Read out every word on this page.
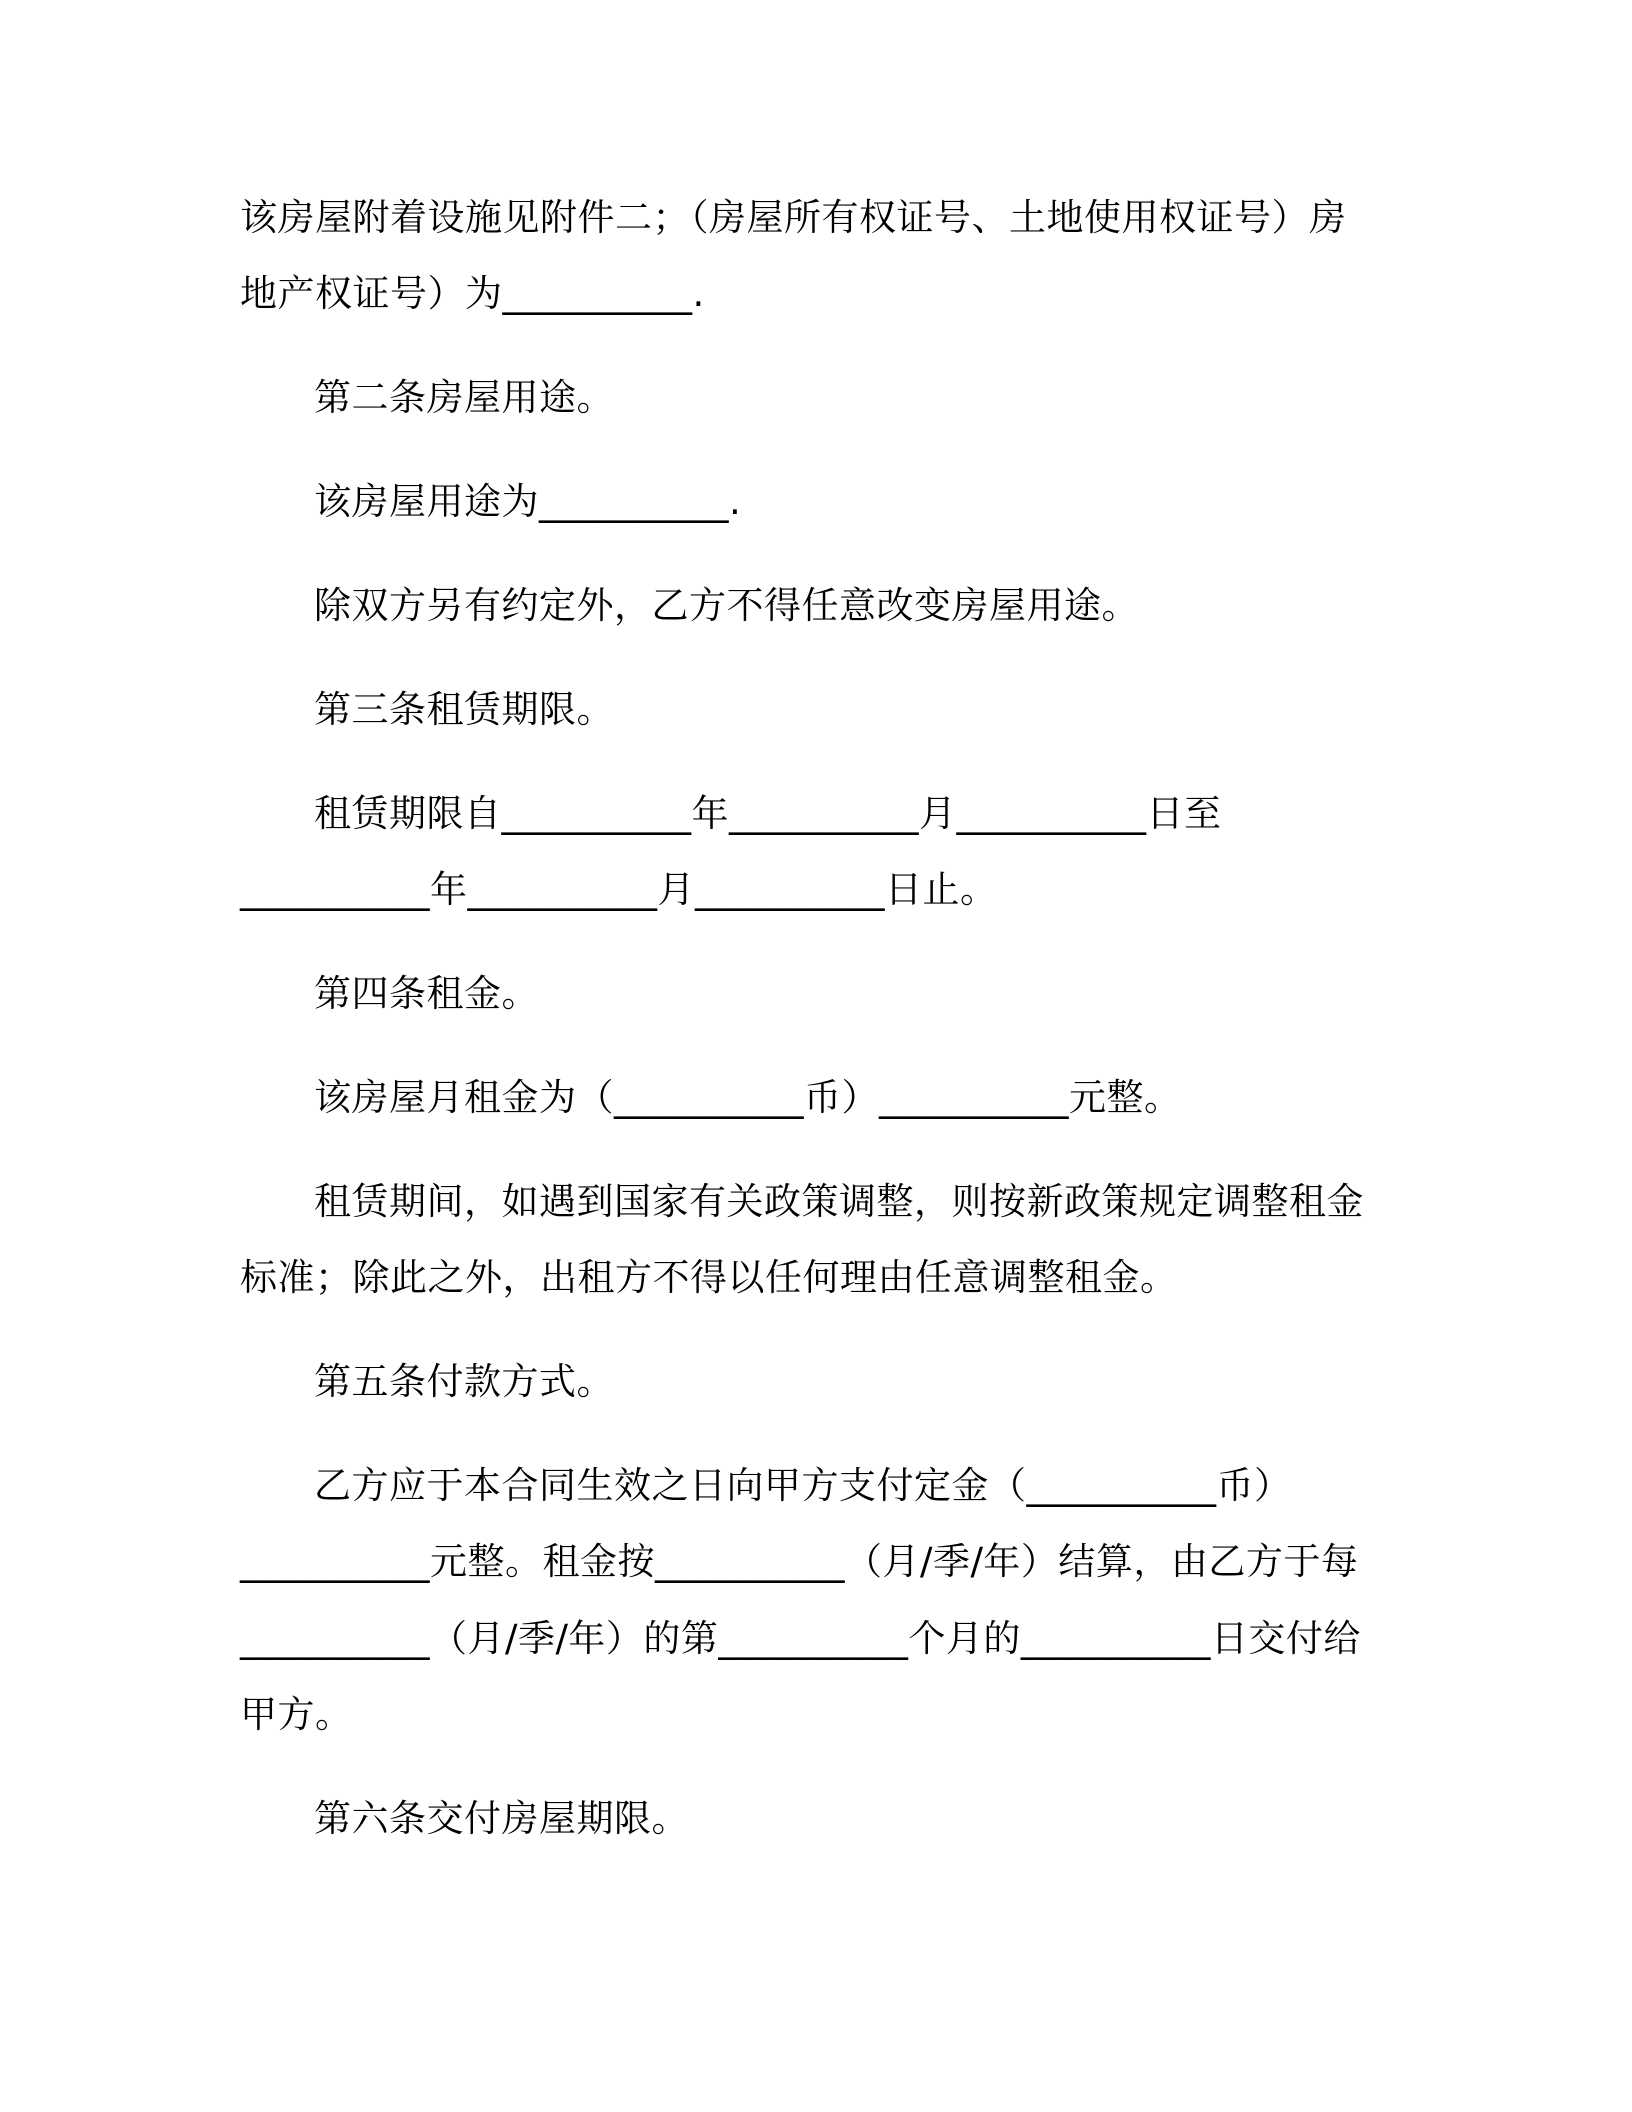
该房屋附着设施见附件二；（房屋所有权证号、土地使用权证号）房
地产权证号）为__________.
第二条房屋用途。
该房屋用途为__________.
除双方另有约定外，乙方不得任意改变房屋用途。
第三条租赁期限。
租赁期限自__________年__________月__________日至
__________年__________月__________日止。
第四条租金。
该房屋月租金为（__________币）__________元整。
租赁期间，如遇到国家有关政策调整，则按新政策规定调整租金
标准；除此之外，出租方不得以任何理由任意调整租金。
第五条付款方式。
乙方应于本合同生效之日向甲方支付定金（__________币）
__________元整。租金按__________（月/季/年）结算，由乙方于每
__________（月/季/年）的第__________个月的__________日交付给
甲方。
第六条交付房屋期限。
